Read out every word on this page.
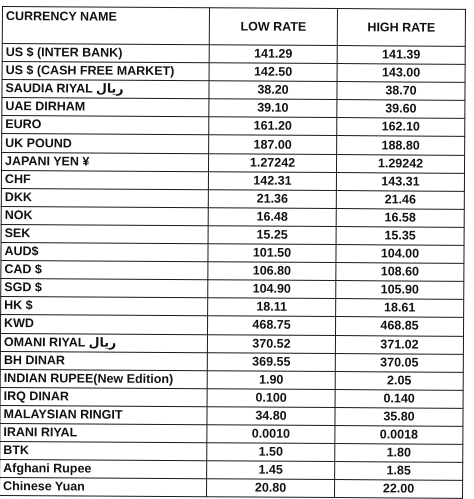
CURRENCY NAME	LOW RATE	HIGH RATE
US $ (INTER BANK)	141.29	141.39
US $ (CASH FREE MARKET)	142.50	143.00
SAUDIA RIYAL ریال	38.20	38.70
UAE DIRHAM	39.10	39.60
EURO	161.20	162.10
UK POUND	187.00	188.80
JAPANI YEN ¥	1.27242	1.29242
CHF	142.31	143.31
DKK	21.36	21.46
NOK	16.48	16.58
SEK	15.25	15.35
AUD$	101.50	104.00
CAD $	106.80	108.60
SGD $	104.90	105.90
HK $	18.11	18.61
KWD	468.75	468.85
OMANI RIYAL ریال	370.52	371.02
BH DINAR	369.55	370.05
INDIAN RUPEE(New Edition)	1.90	2.05
IRQ DINAR	0.100	0.140
MALAYSIAN RINGIT	34.80	35.80
IRANI RIYAL	0.0010	0.0018
BTK	1.50	1.80
Afghani Rupee	1.45	1.85
Chinese Yuan	20.80	22.00
